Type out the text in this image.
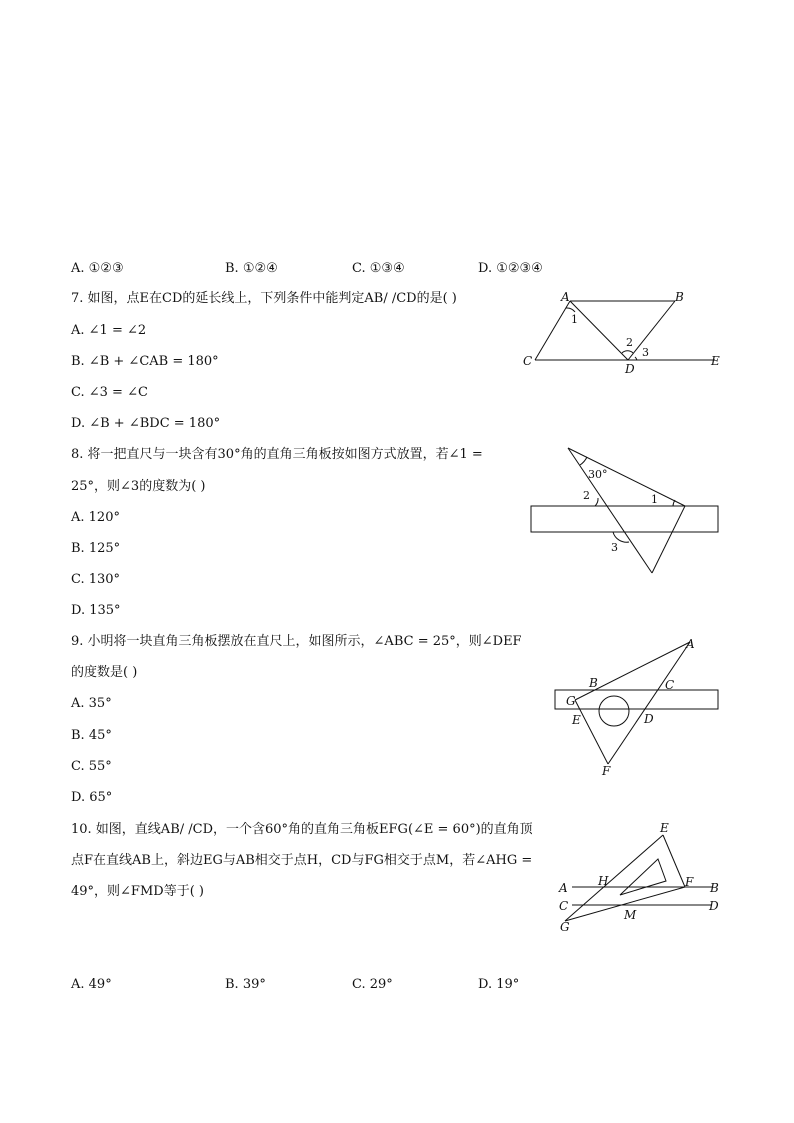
A. ①②③	B. ①②④	C. ①③④	D. ①②③④
7. 如图，点E在CD的延长线上，下列条件中能判定AB/ /CD的是( )
A. ∠1 = ∠2
B. ∠B + ∠CAB = 180°
C. ∠3 = ∠C
D. ∠B + ∠BDC = 180°
A	B
C
D
E
1
2
3
8. 将一把直尺与一块含有30°角的直角三角板按如图方式放置，若∠1 =
25°，则∠3的度数为( )
A. 120°
B. 125°
C. 130°
D. 135°
30°
2	1
3
9. 小明将一块直角三角板摆放在直尺上，如图所示，∠ABC = 25°，则∠DEF
的度数是( )
A. 35°
B. 45°
C. 55°
D. 65°
A
B	C
D
E
F
G
10. 如图，直线AB/ /CD，一个含60°角的直角三角板EFG(∠E = 60°)的直角顶
点F在直线AB上，斜边EG与AB相交于点H，CD与FG相交于点M，若∠AHG =
49°，则∠FMD等于( )
E
F
G
H
M
A	B
C	D
A. 49°	B. 39°	C. 29°	D. 19°
